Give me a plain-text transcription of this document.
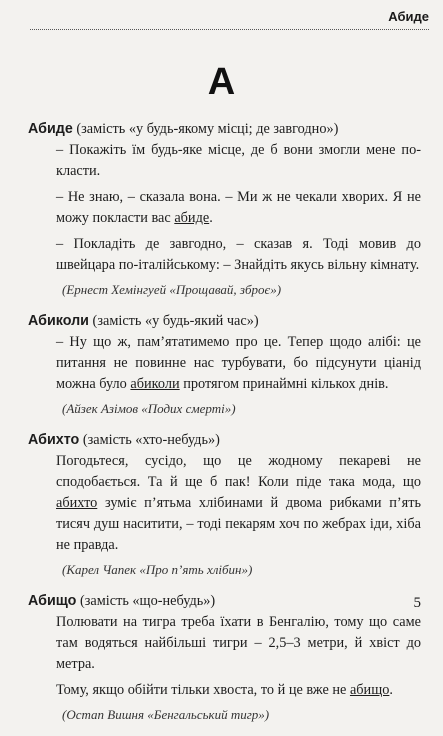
Абиде
А

Абиде (замість «у будь-якому місці; де завгодно»)

– Покажіть їм будь-яке місце, де б вони змогли мене по-класти.

– Не знаю, – сказала вона. – Ми ж не чекали хворих. Я не можу покласти вас абиде.

– Покладіть де завгодно, – сказав я. Тоді мовив до швейцара по-італійському: – Знайдіть якусь вільну кімнату.

(Ернест Хемінгуей «Прощавай, зброє»)

Абиколи (замість «у будь-який час»)

– Ну що ж, пам’ятатимемо про це. Тепер щодо алібі: це питання не повинне нас турбувати, бо підсунути ціанід можна було абиколи протягом принаймні кількох днів.

(Айзек Азімов «Подих смерті»)

Абихто (замість «хто-небудь»)

Погодьтеся, сусідо, що це жодному пекареві не сподобається. Та й ще б пак! Коли піде така мода, що абихто зуміє п’ятьма хлібинами й двома рибками п’ять тисяч душ наситити, – тоді пекарям хоч по жебрах іди, хіба не правда.

(Карел Чапек «Про п’ять хлібин»)

Абищо (замість «що-небудь»)

Полювати на тигра треба їхати в Бенгалію, тому що саме там водяться найбільші тигри – 2,5–3 метри, й хвіст до метра.

Тому, якщо обійти тільки хвоста, то й це вже не абищо.

(Остап Вишня «Бенгальський тигр»)
5
